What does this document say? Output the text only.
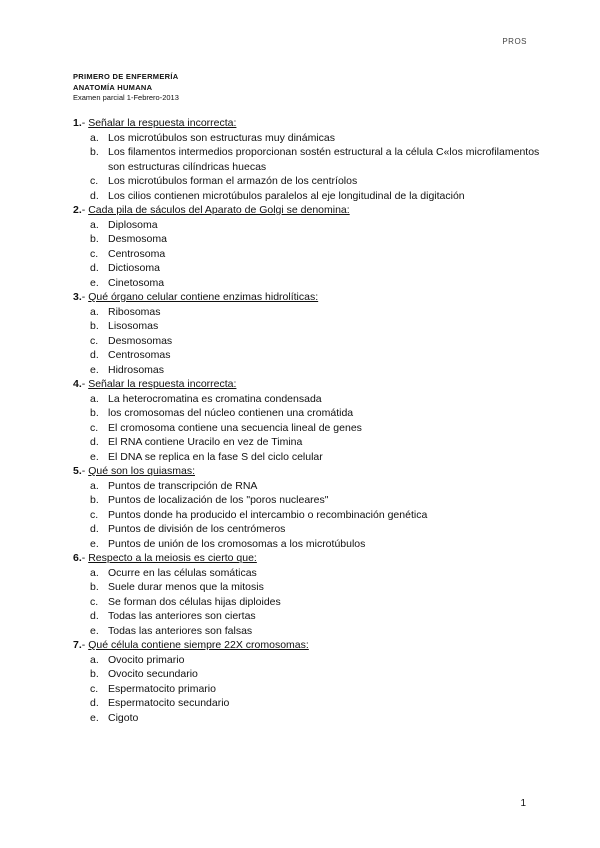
PROS
PRIMERO DE ENFERMERÍA
ANATOMÍA HUMANA
Examen parcial 1-Febrero-2013
1.- Señalar la respuesta incorrecta:
a. Los microtúbulos son estructuras muy dinámicas
b. Los filamentos intermedios proporcionan sostén estructural a la célula C«los microfilamentos son estructuras cilíndricas huecas
c. Los microtúbulos forman el armazón de los centríolos
d. Los cilios contienen microtúbulos paralelos al eje longitudinal de la digitación
2.- Cada pila de sáculos del Aparato de Golgi se denomina:
a. Diplosoma
b. Desmosoma
c. Centrosoma
d. Dictiosoma
e. Cinetosoma
3.- Qué órgano celular contiene enzimas hidrolíticas:
a. Ribosomas
b. Lisosomas
c. Desmosomas
d. Centrosomas
e. Hidrosomas
4.- Señalar la respuesta incorrecta:
a. La heterocromatina es cromatina condensada
b. los cromosomas del núcleo contienen una cromátida
c. El cromosoma contiene una secuencia lineal de genes
d. El RNA contiene Uracilo en vez de Timina
e. El DNA se replica en la fase S del ciclo celular
5.- Qué son los quiasmas:
a. Puntos de transcripción de RNA
b. Puntos de localización de los "poros nucleares"
c. Puntos donde ha producido el intercambio o recombinación genética
d. Puntos de división de los centrómeros
e. Puntos de unión de los cromosomas a los microtúbulos
6.- Respecto a la meiosis es cierto que:
a. Ocurre en las células somáticas
b. Suele durar menos que la mitosis
c. Se forman dos células hijas diploides
d. Todas las anteriores son ciertas
e. Todas las anteriores son falsas
7.- Qué célula contiene siempre 22X cromosomas:
a. Ovocito primario
b. Ovocito secundario
c. Espermatocito primario
d. Espermatocito secundario
e. Cigoto
1
